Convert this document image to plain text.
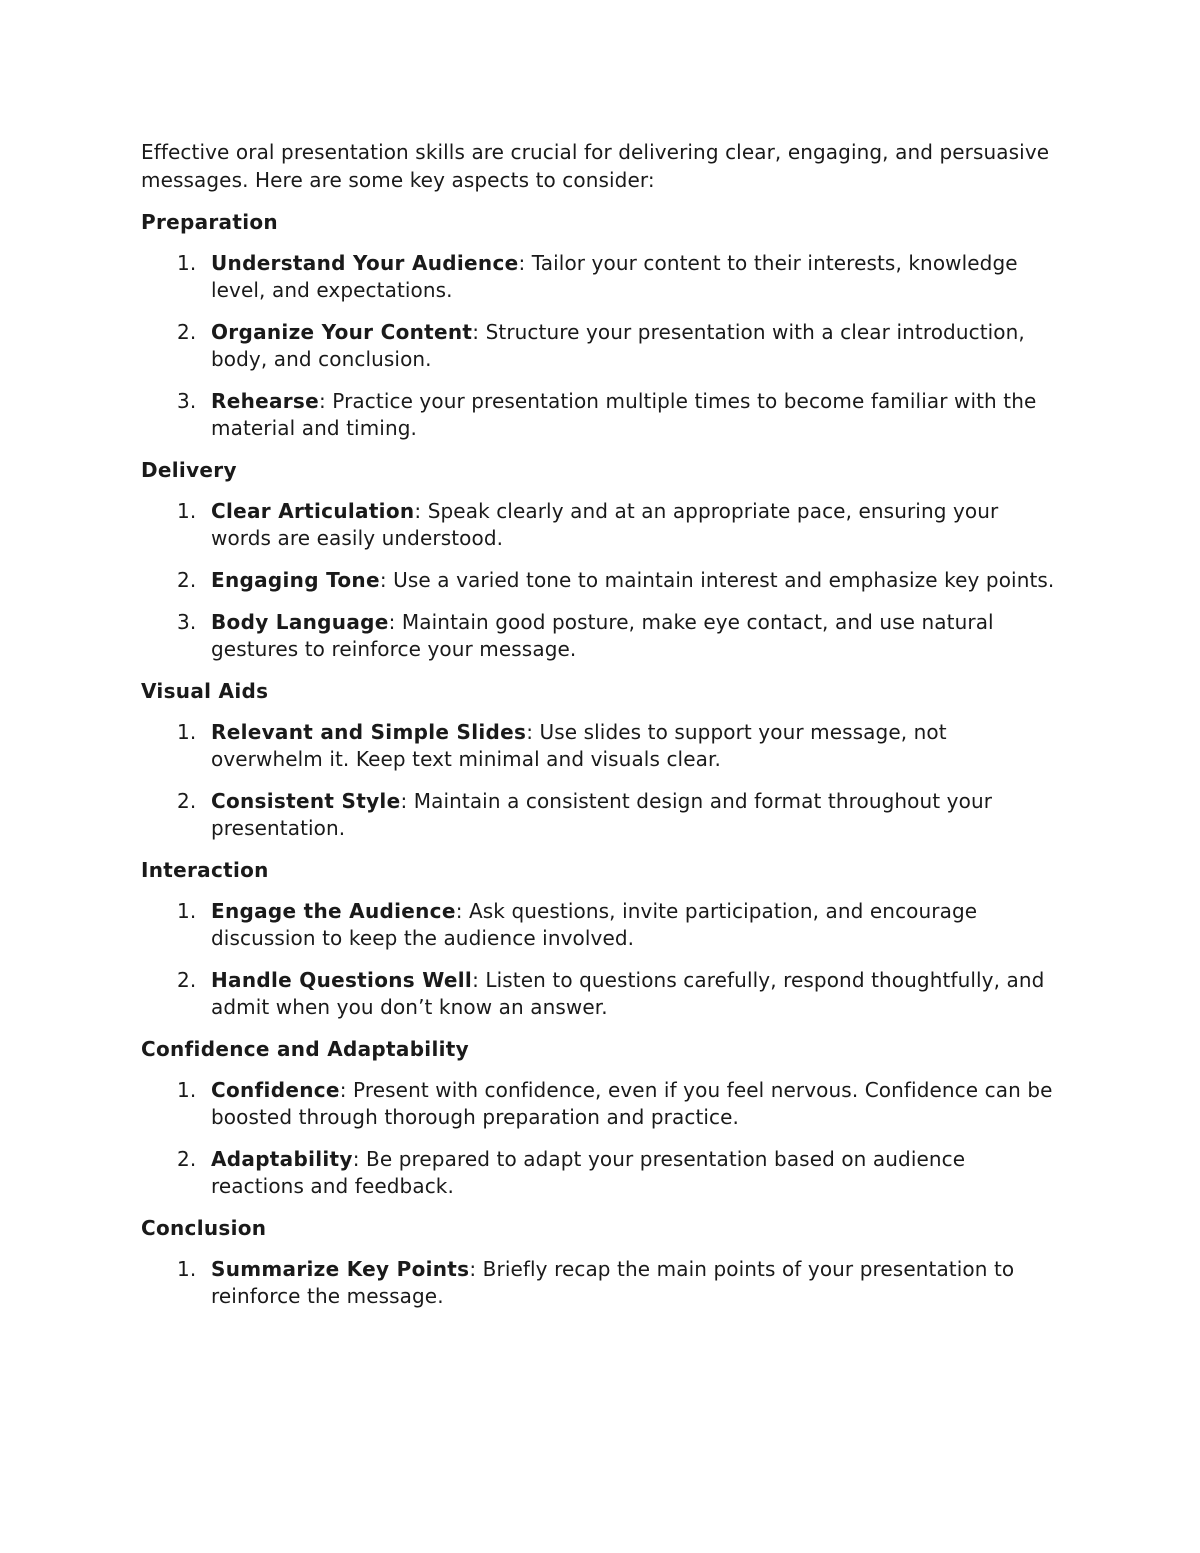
Effective oral presentation skills are crucial for delivering clear, engaging, and persuasive messages. Here are some key aspects to consider:

Preparation
1. Understand Your Audience: Tailor your content to their interests, knowledge level, and expectations.
2. Organize Your Content: Structure your presentation with a clear introduction, body, and conclusion.
3. Rehearse: Practice your presentation multiple times to become familiar with the material and timing.
Delivery
1. Clear Articulation: Speak clearly and at an appropriate pace, ensuring your words are easily understood.
2. Engaging Tone: Use a varied tone to maintain interest and emphasize key points.
3. Body Language: Maintain good posture, make eye contact, and use natural gestures to reinforce your message.
Visual Aids
1. Relevant and Simple Slides: Use slides to support your message, not overwhelm it. Keep text minimal and visuals clear.
2. Consistent Style: Maintain a consistent design and format throughout your presentation.
Interaction
1. Engage the Audience: Ask questions, invite participation, and encourage discussion to keep the audience involved.
2. Handle Questions Well: Listen to questions carefully, respond thoughtfully, and admit when you don’t know an answer.
Confidence and Adaptability
1. Confidence: Present with confidence, even if you feel nervous. Confidence can be boosted through thorough preparation and practice.
2. Adaptability: Be prepared to adapt your presentation based on audience reactions and feedback.
Conclusion
1. Summarize Key Points: Briefly recap the main points of your presentation to reinforce the message.
